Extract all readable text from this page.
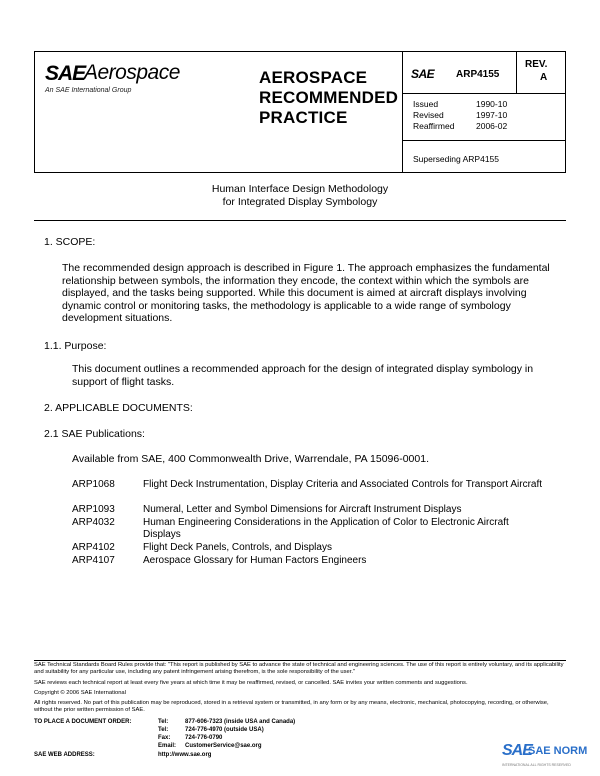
SAE
Aerospace
An SAE International Group
AEROSPACE
RECOMMENDED
PRACTICE
SAE ARP4155
REV.
A
Issued	1990-10
Revised	1997-10
Reaffirmed	2006-02
Superseding ARP4155
Human Interface Design Methodology
for Integrated Display Symbology
1. SCOPE:
The recommended design approach is described in Figure 1. The approach emphasizes the fundamental relationship between symbols, the information they encode, the context within which the symbols are displayed, and the tasks being supported. While this document is aimed at aircraft displays involving dynamic control or monitoring tasks, the methodology is applicable to a wide range of symbology development situations.
1.1. Purpose:
This document outlines a recommended approach for the design of integrated display symbology in support of flight tasks.
2. APPLICABLE DOCUMENTS:
2.1 SAE Publications:
Available from SAE, 400 Commonwealth Drive, Warrendale, PA 15096-0001.
ARP1068	Flight Deck Instrumentation, Display Criteria and Associated Controls for Transport Aircraft
ARP1093	Numeral, Letter and Symbol Dimensions for Aircraft Instrument Displays
ARP4032	Human Engineering Considerations in the Application of Color to Electronic Aircraft Displays
ARP4102	Flight Deck Panels, Controls, and Displays
ARP4107	Aerospace Glossary for Human Factors Engineers
SAE Technical Standards Board Rules provide that: "This report is published by SAE to advance the state of technical and engineering sciences. The use of this report is entirely voluntary, and its applicability and suitability for any particular use, including any patent infringement arising therefrom, is the sole responsibility of the user."
SAE reviews each technical report at least every five years at which time it may be reaffirmed, revised, or cancelled. SAE invites your written comments and suggestions.
Copyright © 2006 SAE International
All rights reserved. No part of this publication may be reproduced, stored in a retrieval system or transmitted, in any form or by any means, electronic, mechanical, photocopying, recording, or otherwise, without the prior written permission of SAE.
TO PLACE A DOCUMENT ORDER:	Tel:	877-606-7323 (inside USA and Canada)
Tel:	724-776-4970 (outside USA)
Fax: 724-776-0790
Email: CustomerService@sae.org
SAE WEB ADDRESS:	http://www.sae.org	SAE
SAE NORM
INTERNATIONAL ALL RIGHTS RESERVED
